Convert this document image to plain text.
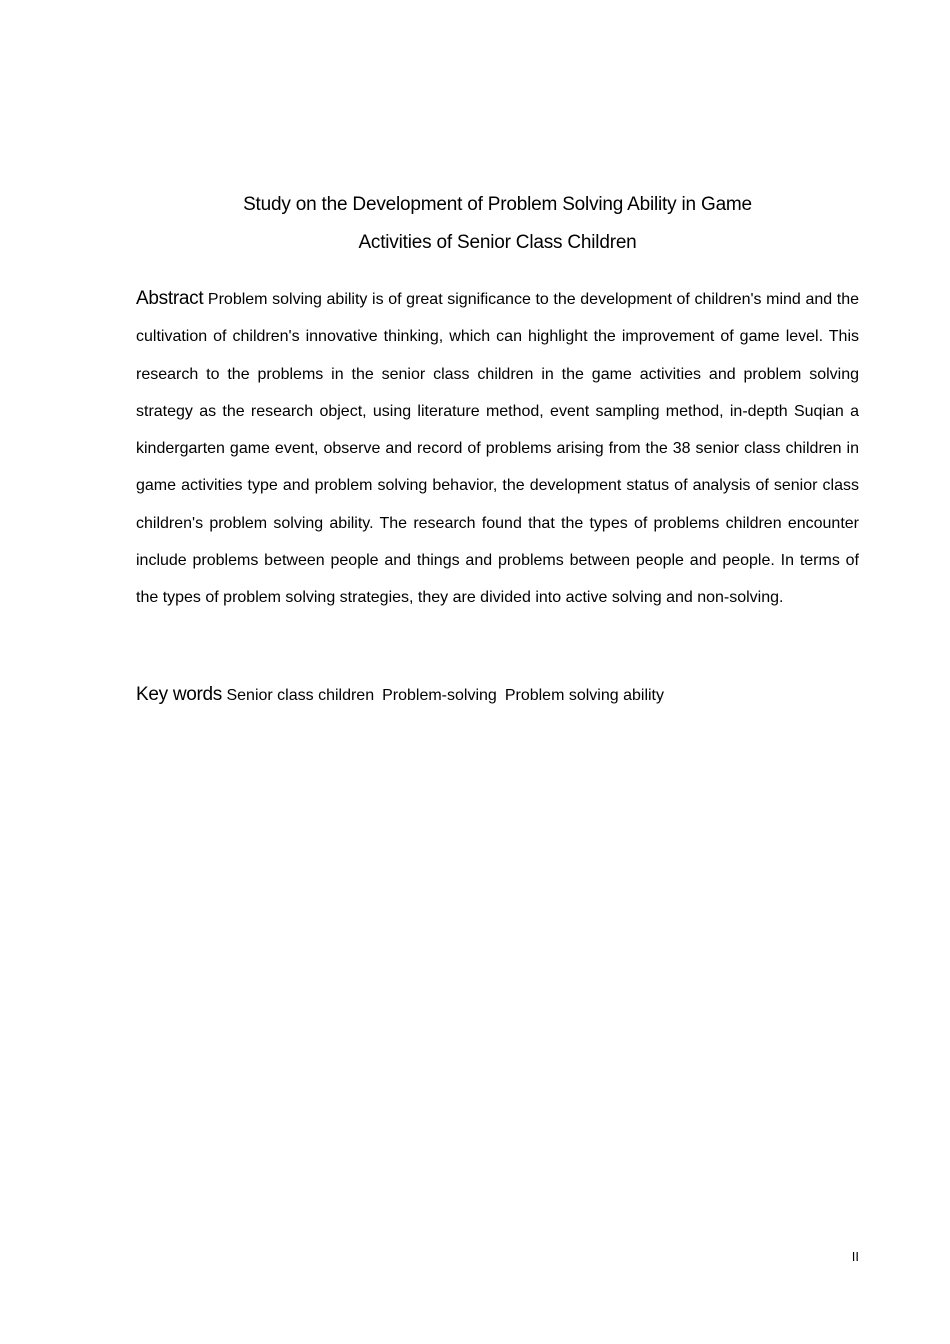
Study on the Development of Problem Solving Ability in Game
Activities of Senior Class Children

Abstract Problem solving ability is of great significance to the development of children's mind and the cultivation of children's innovative thinking, which can highlight the improvement of game level. This research to the problems in the senior class children in the game activities and problem solving strategy as the research object, using literature method, event sampling method, in-depth Suqian a kindergarten game event, observe and record of problems arising from the 38 senior class children in game activities type and problem solving behavior, the development status of analysis of senior class children's problem solving ability. The research found that the types of problems children encounter include problems between people and things and problems between people and people. In terms of the types of problem solving strategies, they are divided into active solving and non-solving.

Key words Senior class children Problem-solving Problem solving ability

II
